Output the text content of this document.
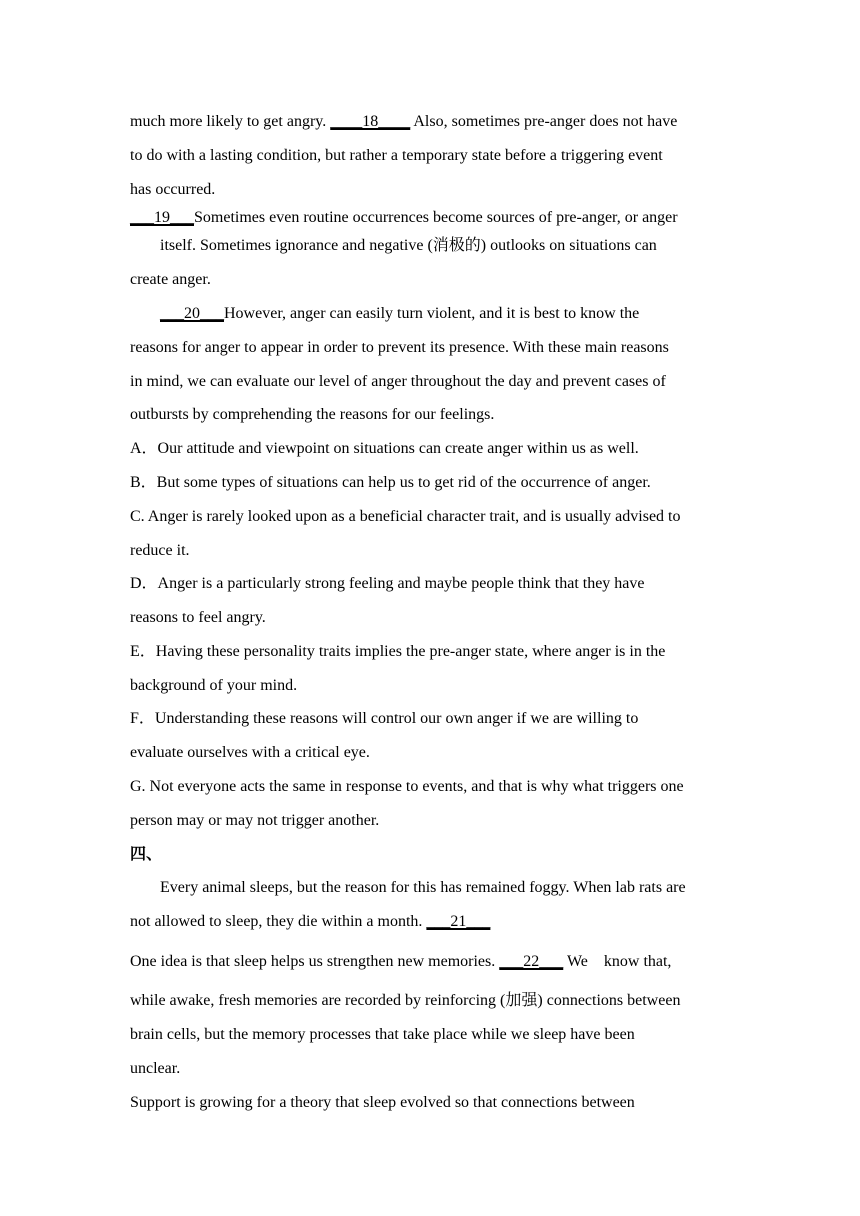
much more likely to get angry. ____18____ Also, sometimes pre-anger does not have
to do with a lasting condition, but rather a temporary state before a triggering event
has occurred.
___19___Sometimes even routine occurrences become sources of pre-anger, or anger
itself. Sometimes ignorance and negative (消极的) outlooks on situations can
create anger.
___20___However, anger can easily turn violent, and it is best to know the
reasons for anger to appear in order to prevent its presence. With these main reasons
in mind, we can evaluate our level of anger throughout the day and prevent cases of
outbursts by comprehending the reasons for our feelings.
A．Our attitude and viewpoint on situations can create anger within us as well.
B．But some types of situations can help us to get rid of the occurrence of anger.
C. Anger is rarely looked upon as a beneficial character trait, and is usually advised to
reduce it.
D．Anger is a particularly strong feeling and maybe people think that they have
reasons to feel angry.
E．Having these personality traits implies the pre-anger state, where anger is in the
background of your mind.
F．Understanding these reasons will control our own anger if we are willing to
evaluate ourselves with a critical eye.
G. Not everyone acts the same in response to events, and that is why what triggers one
person may or may not trigger another.
四、
Every animal sleeps, but the reason for this has remained foggy. When lab rats are
not allowed to sleep, they die within a month. ___21___
One idea is that sleep helps us strengthen new memories. ___22___ We    know that,
while awake, fresh memories are recorded by reinforcing (加强) connections between
brain cells, but the memory processes that take place while we sleep have been
unclear.
Support is growing for a theory that sleep evolved so that connections between
